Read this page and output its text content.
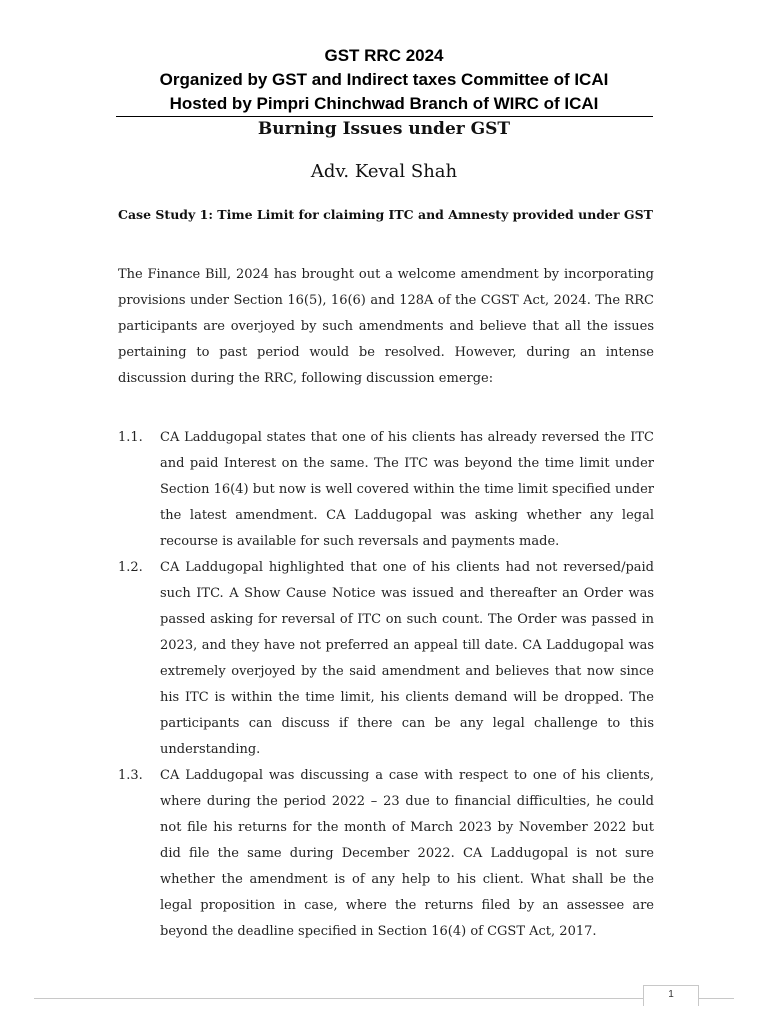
GST RRC 2024
Organized by GST and Indirect taxes Committee of ICAI
Hosted by Pimpri Chinchwad Branch of WIRC of ICAI
Burning Issues under GST
Adv. Keval Shah
Case Study 1: Time Limit for claiming ITC and Amnesty provided under GST
The Finance Bill, 2024 has brought out a welcome amendment by incorporating provisions under Section 16(5), 16(6) and 128A of the CGST Act, 2024. The RRC participants are overjoyed by such amendments and believe that all the issues pertaining to past period would be resolved. However, during an intense discussion during the RRC, following discussion emerge:
1.1.	CA Laddugopal states that one of his clients has already reversed the ITC and paid Interest on the same. The ITC was beyond the time limit under Section 16(4) but now is well covered within the time limit specified under the latest amendment. CA Laddugopal was asking whether any legal recourse is available for such reversals and payments made.
1.2.	CA Laddugopal highlighted that one of his clients had not reversed/paid such ITC. A Show Cause Notice was issued and thereafter an Order was passed asking for reversal of ITC on such count. The Order was passed in 2023, and they have not preferred an appeal till date. CA Laddugopal was extremely overjoyed by the said amendment and believes that now since his ITC is within the time limit, his clients demand will be dropped. The participants can discuss if there can be any legal challenge to this understanding.
1.3.	CA Laddugopal was discussing a case with respect to one of his clients, where during the period 2022 – 23 due to financial difficulties, he could not file his returns for the month of March 2023 by November 2022 but did file the same during December 2022. CA Laddugopal is not sure whether the amendment is of any help to his client. What shall be the legal proposition in case, where the returns filed by an assessee are beyond the deadline specified in Section 16(4) of CGST Act, 2017.
1
